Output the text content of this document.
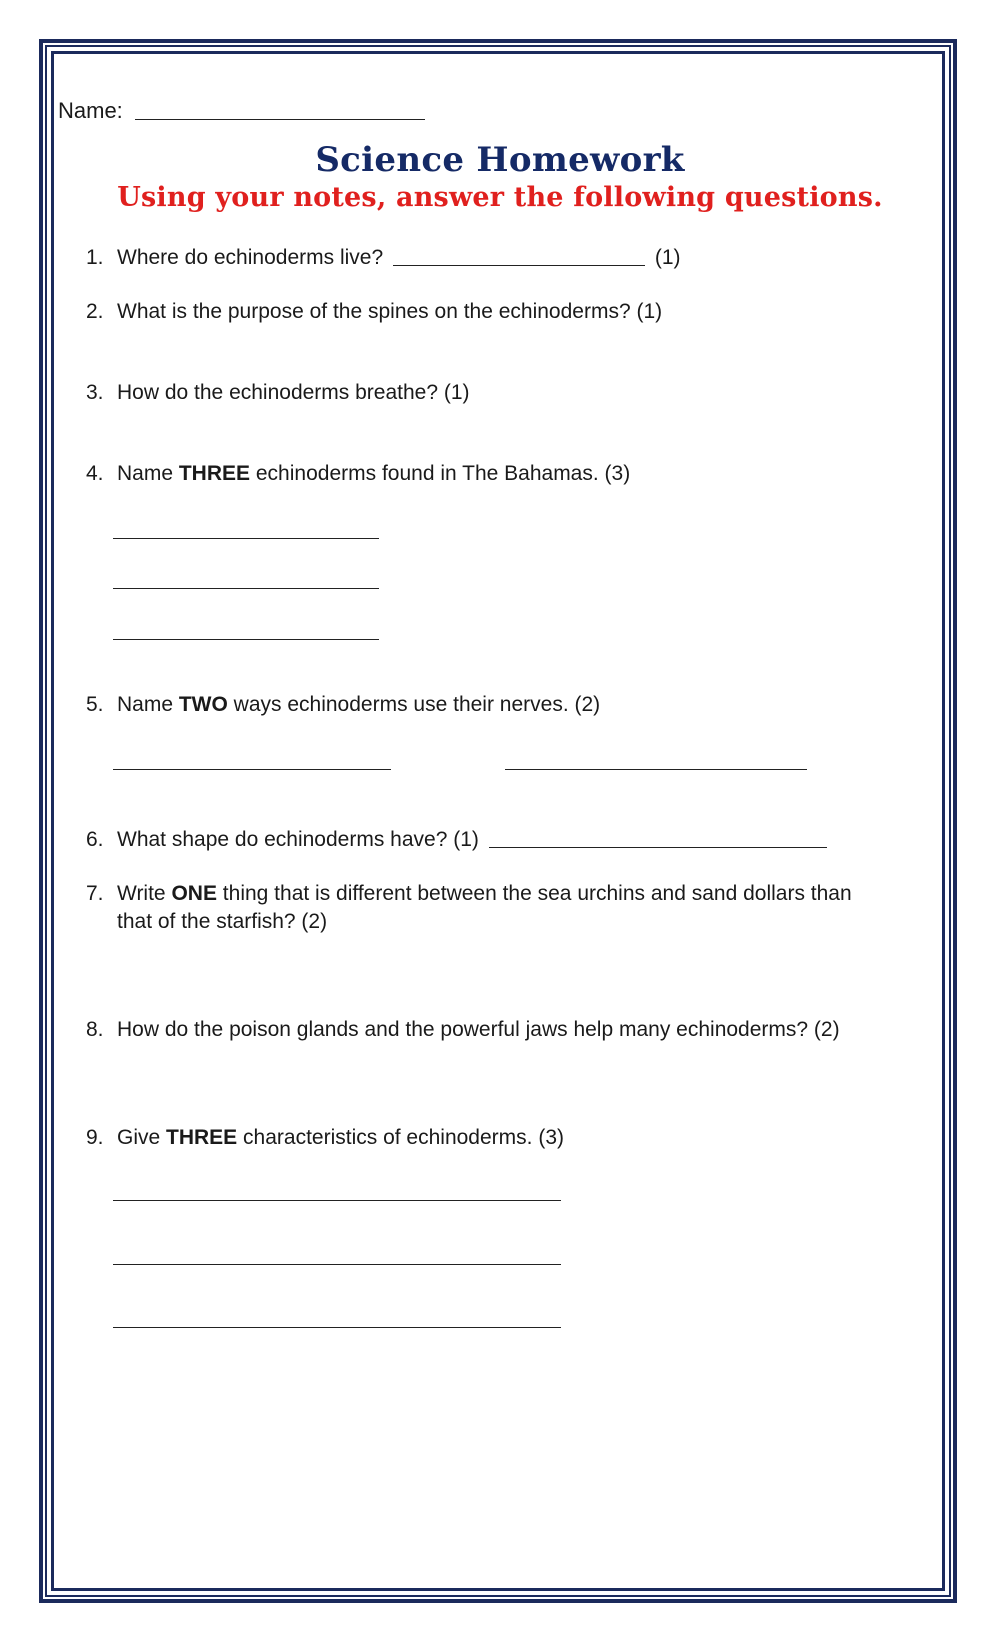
Name:
Science Homework
Using your notes, answer the following questions.
1. Where do echinoderms live?	(1)
2. What is the purpose of the spines on the echinoderms? (1)
3. How do the echinoderms breathe? (1)
4. Name THREE echinoderms found in The Bahamas. (3)
5. Name TWO ways echinoderms use their nerves. (2)
6. What shape do echinoderms have? (1)
7. Write ONE thing that is different between the sea urchins and sand dollars than
that of the starfish? (2)
8. How do the poison glands and the powerful jaws help many echinoderms? (2)
9. Give THREE characteristics of echinoderms. (3)
